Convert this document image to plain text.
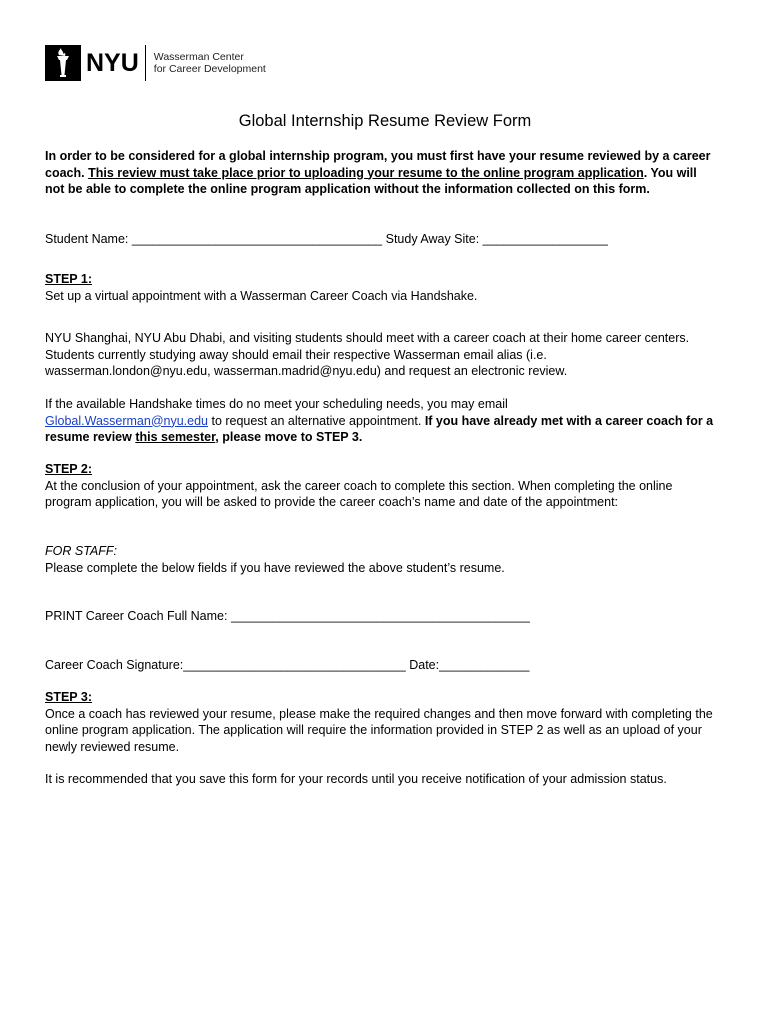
NYU Wasserman Center
for Career Development
Global Internship Resume Review Form
In order to be considered for a global internship program, you must first have your resume reviewed by a career coach. This review must take place prior to uploading your resume to the online program application. You will not be able to complete the online program application without the information collected on this form.
Student Name: ____________________________________ Study Away Site: __________________

STEP 1:

Set up a virtual appointment with a Wasserman Career Coach via Handshake.

NYU Shanghai, NYU Abu Dhabi, and visiting students should meet with a career coach at their home career centers. Students currently studying away should email their respective Wasserman email alias (i.e. wasserman.london@nyu.edu, wasserman.madrid@nyu.edu) and request an electronic review.

If the available Handshake times do no meet your scheduling needs, you may email
Global.Wasserman@nyu.edu to request an alternative appointment. If you have already met with a career coach for a resume review this semester, please move to STEP 3.

STEP 2:

At the conclusion of your appointment, ask the career coach to complete this section. When completing the online program application, you will be asked to provide the career coach’s name and date of the appointment:

FOR STAFF:

Please complete the below fields if you have reviewed the above student’s resume.

PRINT Career Coach Full Name: ___________________________________________
Career Coach Signature:________________________________ Date:_____________

STEP 3:

Once a coach has reviewed your resume, please make the required changes and then move forward with completing the online program application. The application will require the information provided in STEP 2 as well as an upload of your newly reviewed resume.

It is recommended that you save this form for your records until you receive notification of your admission status.
